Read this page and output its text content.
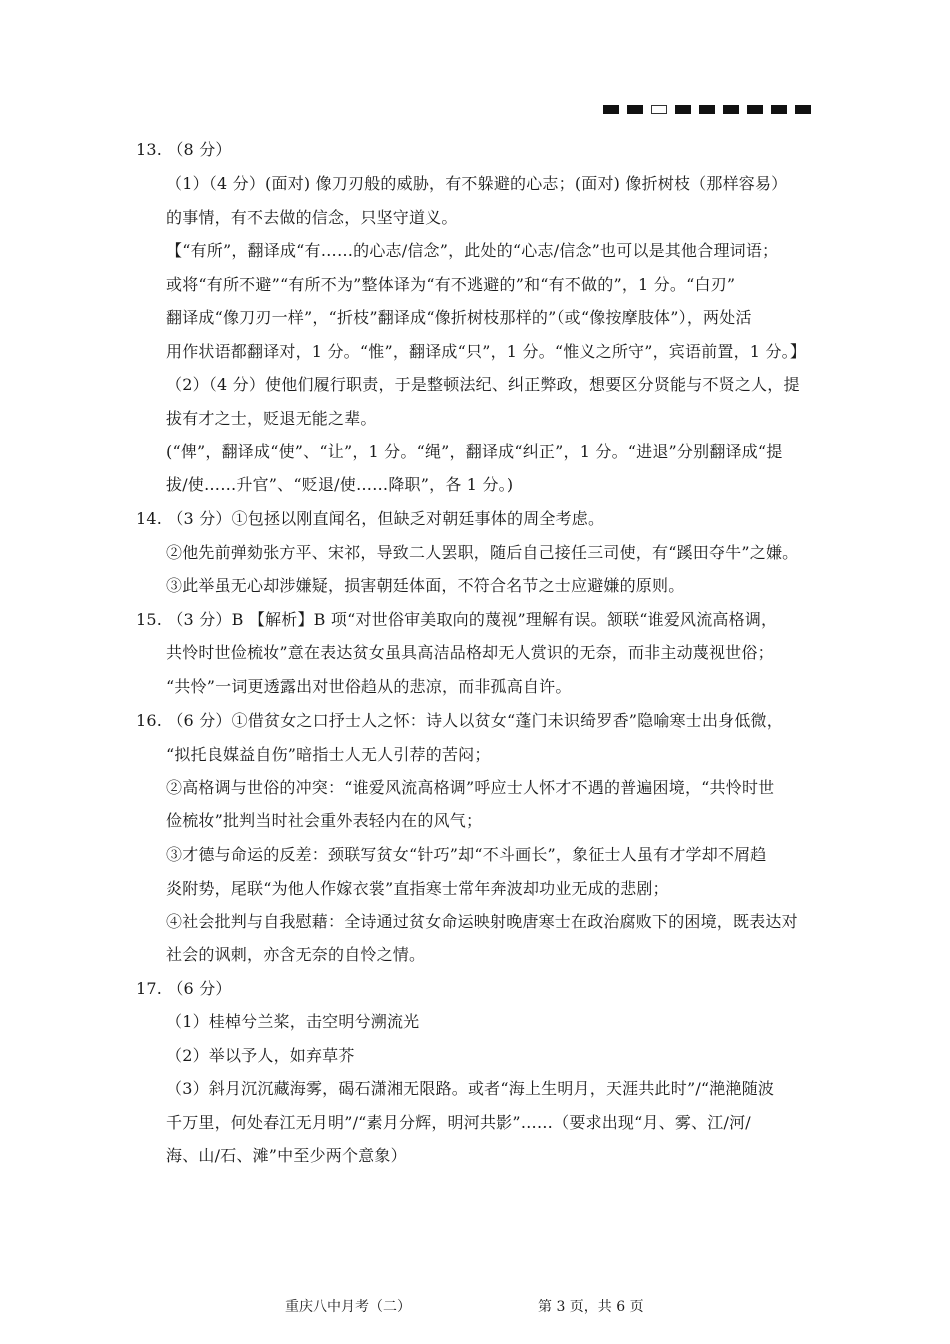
13. （8 分）
（1）（4 分）(面对) 像刀刃般的威胁，有不躲避的心志；(面对) 像折树枝（那样容易）
的事情，有不去做的信念，只坚守道义。
【“有所”，翻译成“有……的心志/信念”，此处的“心志/信念”也可以是其他合理词语；
或将“有所不避”“有所不为”整体译为“有不逃避的”和“有不做的”，1 分。“白刃”
翻译成“像刀刃一样”，“折枝”翻译成“像折树枝那样的”（或“像按摩肢体”），两处活
用作状语都翻译对，1 分。“惟”，翻译成“只”，1 分。“惟义之所守”，宾语前置，1 分。】
（2）（4 分）使他们履行职责，于是整顿法纪、纠正弊政，想要区分贤能与不贤之人，提
拔有才之士，贬退无能之辈。
(“俾”，翻译成“使”、“让”，1 分。“绳”，翻译成“纠正”，1 分。“进退”分别翻译成“提
拔/使……升官”、“贬退/使……降职”，各 1 分。)
14. （3 分）①包拯以刚直闻名，但缺乏对朝廷事体的周全考虑。
②他先前弹劾张方平、宋祁，导致二人罢职，随后自己接任三司使，有“蹊田夺牛”之嫌。
③此举虽无心却涉嫌疑，损害朝廷体面，不符合名节之士应避嫌的原则。
15. （3 分）B 【解析】B 项“对世俗审美取向的蔑视”理解有误。颔联“谁爱风流高格调，
共怜时世俭梳妆”意在表达贫女虽具高洁品格却无人赏识的无奈，而非主动蔑视世俗；
“共怜”一词更透露出对世俗趋从的悲凉，而非孤高自许。
16. （6 分）①借贫女之口抒士人之怀：诗人以贫女“蓬门未识绮罗香”隐喻寒士出身低微，
“拟托良媒益自伤”暗指士人无人引荐的苦闷；
②高格调与世俗的冲突：“谁爱风流高格调”呼应士人怀才不遇的普遍困境，“共怜时世
俭梳妆”批判当时社会重外表轻内在的风气；
③才德与命运的反差：颈联写贫女“针巧”却“不斗画长”，象征士人虽有才学却不屑趋
炎附势，尾联“为他人作嫁衣裳”直指寒士常年奔波却功业无成的悲剧；
④社会批判与自我慰藉：全诗通过贫女命运映射晚唐寒士在政治腐败下的困境，既表达对
社会的讽刺，亦含无奈的自怜之情。
17. （6 分）
（1）桂棹兮兰桨，击空明兮溯流光
（2）举以予人，如弃草芥
（3）斜月沉沉藏海雾，碣石潇湘无限路。或者“海上生明月，天涯共此时”/“滟滟随波
千万里，何处春江无月明”/“素月分辉，明河共影”……（要求出现“月、雾、江/河/
海、山/石、滩”中至少两个意象）
重庆八中月考（二）	第 3 页，共 6 页
